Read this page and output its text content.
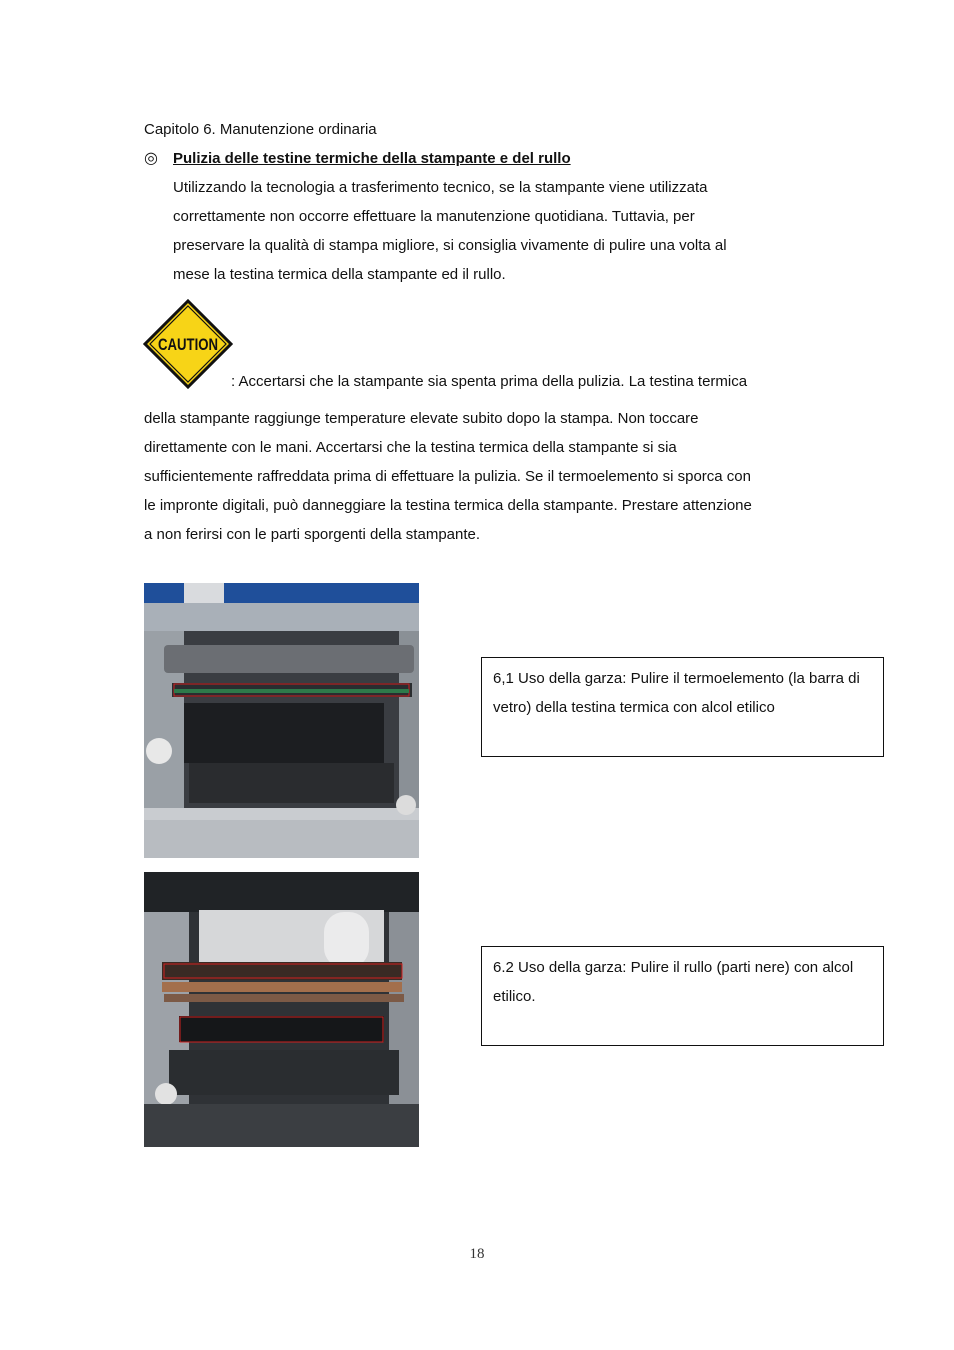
Capitolo 6. Manutenzione ordinaria
◎ Pulizia delle testine termiche della stampante e del rullo
Utilizzando la tecnologia a trasferimento tecnico, se la stampante viene utilizzata
correttamente non occorre effettuare la manutenzione quotidiana. Tuttavia, per
preservare la qualità di stampa migliore, si consiglia vivamente di pulire una volta al
mese la testina termica della stampante ed il rullo.
CAUTION
: Accertarsi che la stampante sia spenta prima della pulizia. La testina termica
della stampante raggiunge temperature elevate subito dopo la stampa. Non toccare
direttamente con le mani. Accertarsi che la testina termica della stampante si sia
sufficientemente raffreddata prima di effettuare la pulizia. Se il termoelemento si sporca con
le impronte digitali, può danneggiare la testina termica della stampante. Prestare attenzione
a non ferirsi con le parti sporgenti della stampante.
6,1 Uso della garza: Pulire il termoelemento (la barra di vetro) della testina termica con alcol etilico
6.2 Uso della garza: Pulire il rullo (parti nere) con alcol etilico.
18
